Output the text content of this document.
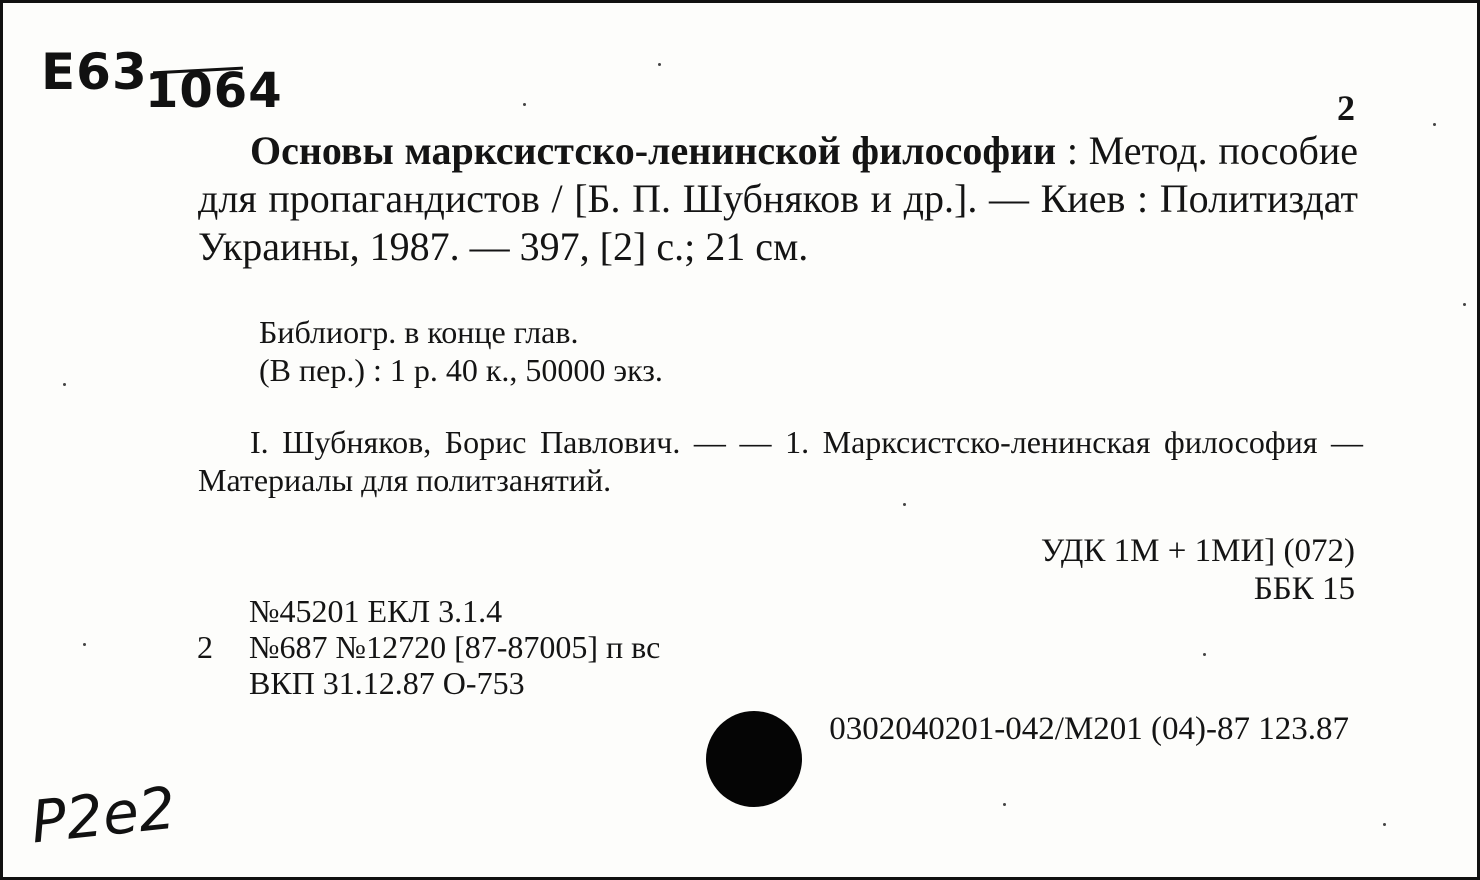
Е63
1064	2
Основы марксистско-ленинской философии : Метод. пособие для пропагандистов / [Б. П. Шубняков и др.]. — Киев : Политиздат Украины, 1987. — 397, [2] с.; 21 см.
Библиогр. в конце глав.
(В пер.) : 1 р. 40 к., 50000 экз.
I. Шубняков, Борис Павлович. — — 1. Марксистско-ленинская философия — Материалы для политзанятий.
УДК 1М + 1МИ] (072)
ББК 15
№45201 ЕКЛ 3.1.4
2	№687 №12720 [87-87005] п вс
ВКП 31.12.87 О-753
0302040201-042/М201 (04)-87 123.87
P2e2
